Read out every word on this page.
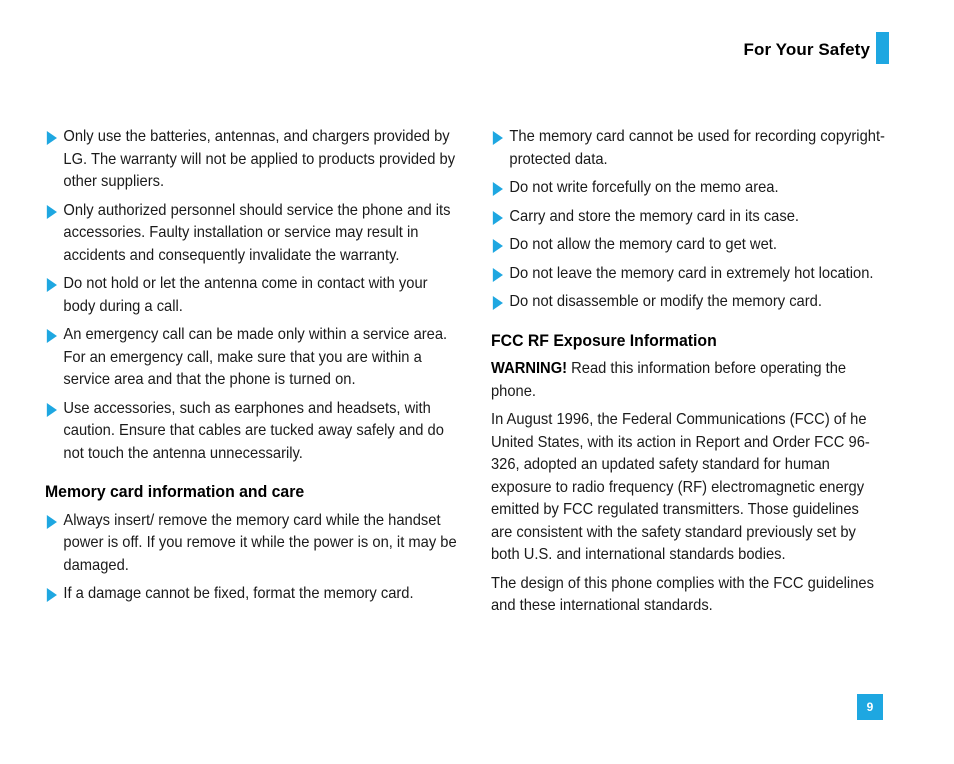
For Your Safety
Only use the batteries, antennas, and chargers provided by LG. The warranty will not be applied to products provided by other suppliers.
Only authorized personnel should service the phone and its accessories. Faulty installation or service may result in accidents and consequently invalidate the warranty.
Do not hold or let the antenna come in contact with your body during a call.
An emergency call can be made only within a service area. For an emergency call, make sure that you are within a service area and that the phone is turned on.
Use accessories, such as earphones and headsets, with caution. Ensure that cables are tucked away safely and do not touch the antenna unnecessarily.
Memory card information and care
Always insert/ remove the memory card while the handset power is off. If you remove it while the power is on, it may be damaged.
If a damage cannot be fixed, format the memory card.
The memory card cannot be used for recording copyright- protected data.
Do not write forcefully on the memo area.
Carry and store the memory card in its case.
Do not allow the memory card to get wet.
Do not leave the memory card in extremely hot location.
Do not disassemble or modify the memory card.
FCC RF Exposure Information
WARNING! Read this information before operating the phone.
In August 1996, the Federal Communications (FCC) of he United States, with its action in Report and Order FCC 96-326, adopted an updated safety standard for human exposure to radio frequency (RF) electromagnetic energy emitted by FCC regulated transmitters. Those guidelines are consistent with the safety standard previously set by both U.S. and international standards bodies.
The design of this phone complies with the FCC guidelines and these international standards.
9
